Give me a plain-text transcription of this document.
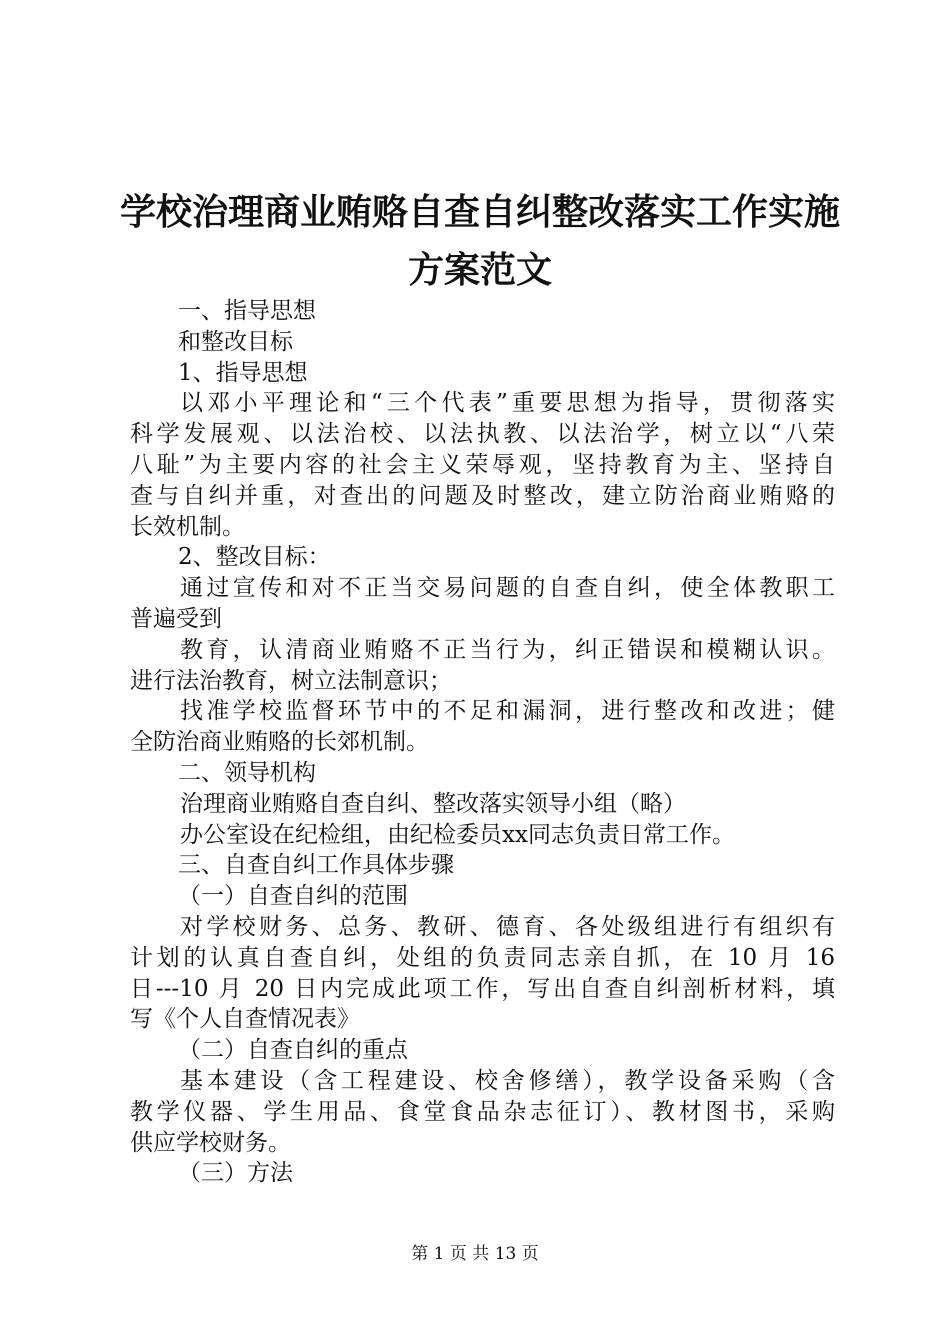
学校治理商业贿赂自查自纠整改落实工作实施
方案范文

一、指导思想

和整改目标

1、指导思想

以邓小平理论和“三个代表”重要思想为指导，贯彻落实

科学发展观、以法治校、以法执教、以法治学，树立以“八荣

八耻”为主要内容的社会主义荣辱观，坚持教育为主、坚持自

查与自纠并重，对查出的问题及时整改，建立防治商业贿赂的

长效机制。

2、整改目标：

通过宣传和对不正当交易问题的自查自纠，使全体教职工

普遍受到

教育，认清商业贿赂不正当行为，纠正错误和模糊认识。

进行法治教育，树立法制意识；

找准学校监督环节中的不足和漏洞，进行整改和改进；健

全防治商业贿赂的长郊机制。

二、领导机构

治理商业贿赂自查自纠、整改落实领导小组（略）

办公室设在纪检组，由纪检委员xx同志负责日常工作。

三、自查自纠工作具体步骤

（一）自查自纠的范围

对学校财务、总务、教研、德育、各处级组进行有组织有

计划的认真自查自纠，处组的负责同志亲自抓，在 10 月 16

日---10 月 20 日内完成此项工作，写出自查自纠剖析材料，填

写《个人自查情况表》

（二）自查自纠的重点

基本建设（含工程建设、校舍修缮），教学设备采购（含

教学仪器、学生用品、食堂食品杂志征订）、教材图书，采购

供应学校财务。

（三）方法

第 1 页 共 13 页
